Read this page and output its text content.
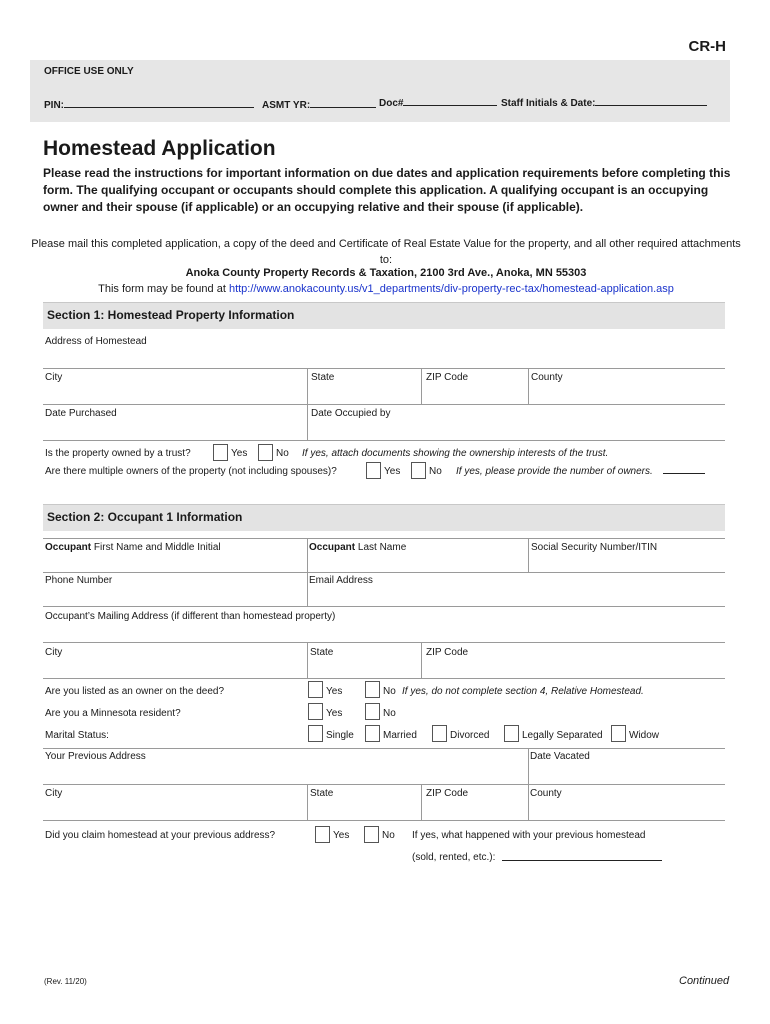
CR-H
OFFICE USE ONLY
PIN:	ASMT YR:	Doc#	Staff Initials & Date:
Homestead Application
Please read the instructions for important information on due dates and application requirements before completing this form. The qualifying occupant or occupants should complete this application. A qualifying occupant is an occupying owner and their spouse (if applicable) or an occupying relative and their spouse (if applicable).
Please mail this completed application, a copy of the deed and Certificate of Real Estate Value for the property, and all other required attachments to:
Anoka County Property Records & Taxation, 2100 3rd Ave., Anoka, MN 55303
This form may be found at http://www.anokacounty.us/v1_departments/div-property-rec-tax/homestead-application.asp
Section 1: Homestead Property Information
Address of Homestead
City	State	ZIP Code	County
Date Purchased	Date Occupied by
Is the property owned by a trust?	Yes	No If yes, attach documents showing the ownership interests of the trust.
Are there multiple owners of the property (not including spouses)?	Yes	No If yes, please provide the number of owners.
Section 2: Occupant 1 Information
Occupant First Name and Middle Initial	Occupant Last Name	Social Security Number/ITIN
Phone Number	Email Address
Occupant’s Mailing Address (if different than homestead property)
City	State	ZIP Code
Are you listed as an owner on the deed?	Yes	No If yes, do not complete section 4, Relative Homestead.
Are you a Minnesota resident?	Yes	No
Marital Status:	Single	Married	Divorced	Legally Separated	Widow
Your Previous Address	Date Vacated
City	State	ZIP Code	County
Did you claim homestead at your previous address?	Yes	No If yes, what happened with your previous homestead
(sold, rented, etc.):
(Rev. 11/20)	Continued
